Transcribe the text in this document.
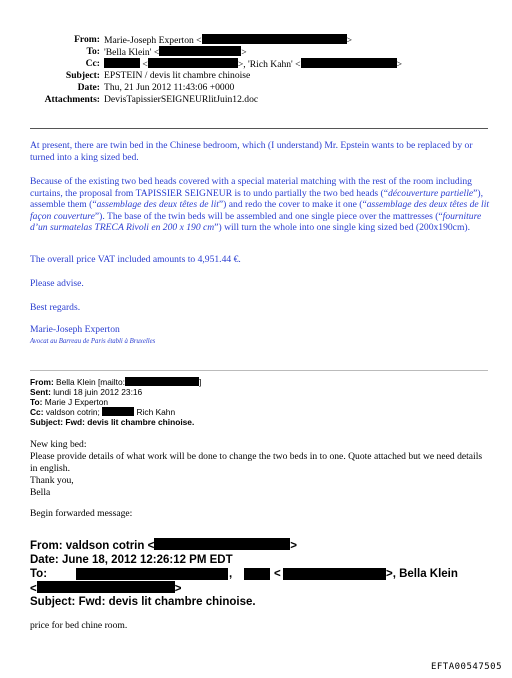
From: Marie-Joseph Experton <	>
To: 'Bella Klein' <	>
Cc:	<	>, 'Rich Kahn' <	>
Subject: EPSTEIN / devis lit chambre chinoise
Date: Thu, 21 Jun 2012 11:43:06 +0000
Attachments: DevisTapissierSEIGNEURlitJuin12.doc
At present, there are twin bed in the Chinese bedroom, which (I understand) Mr. Epstein wants to be replaced by or turned into a king sized bed.
Because of the existing two bed heads covered with a special material matching with the rest of the room including curtains, the proposal from TAPISSIER SEIGNEUR is to undo partially the two bed heads (“découverture partielle”), assemble them (“assemblage des deux têtes de lit”) and redo the cover to make it one (“assemblage des deux têtes de lit façon couverture”). The base of the twin beds will be assembled and one single piece over the mattresses (“fourniture d’un surmatelas TRECA Rivoli en 200 x 190 cm”) will turn the whole into one single king sized bed (200x190cm).
The overall price VAT included amounts to 4,951.44 €.
Please advise.
Best regards.
Marie-Joseph Experton
Avocat au Barreau de Paris établi à Bruxelles
From: Bella Klein [mailto:	]
Sent: lundi 18 juin 2012 23:16
To: Marie J Experton
Cc: valdson cotrin;	Rich Kahn
Subject: Fwd: devis lit chambre chinoise.
New king bed:
Please provide details of what work will be done to change the two beds in to one. Quote attached but we need details in english.
Thank you,
Bella
Begin forwarded message:
From: valdson cotrin <	>
Date: June 18, 2012 12:26:12 PM EDT
To:	,	<	>, Bella Klein
<	>
Subject: Fwd: devis lit chambre chinoise.
price for bed chine room.
EFTA00547505
